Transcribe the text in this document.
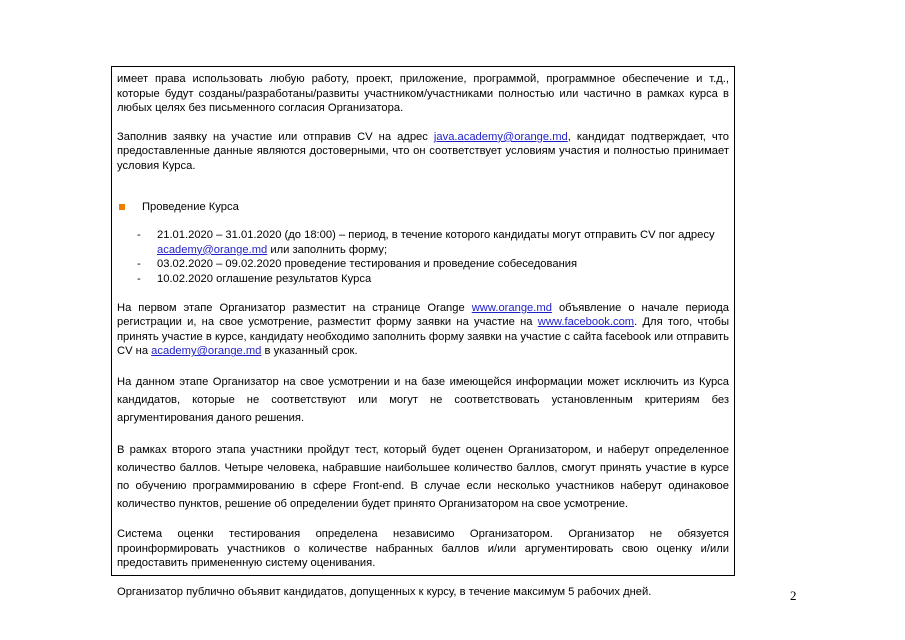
имеет права использовать любую работу, проект, приложение, программой, программное обеспечение и т.д., которые будут созданы/разработаны/развиты участником/участниками полностью или частично в рамках курса в любых целях без письменного согласия Организатора.

Заполнив заявку на участие или отправив CV на адрес java.academy@orange.md, кандидат подтверждает, что предоставленные данные являются достоверными, что он соответствует условиям участия и полностью принимает условия Курса.

Проведение Курса
- 21.01.2020 – 31.01.2020 (до 18:00) – период, в течение которого кандидаты могут отправить CV пог адресу academy@orange.md или заполнить форму;
- 03.02.2020 – 09.02.2020 проведение тестирования и проведение собеседования
- 10.02.2020 оглашение результатов Курса

На первом этапе Организатор разместит на странице Orange www.orange.md объявление о начале периода регистрации и, на свое усмотрение, разместит форму заявки на участие на www.facebook.com. Для того, чтобы принять участие в курсе, кандидату необходимо заполнить форму заявки на участие с сайта facebook или отправить CV на academy@orange.md в указанный срок.

На данном этапе Организатор на свое усмотрении и на базе имеющейся информации может исключить из Курса кандидатов, которые не соответствуют или могут не соответствовать установленным критериям без аргументирования даного решения.

В рамках второго этапа участники пройдут тест, который будет оценен Организатором, и наберут определенное количество баллов. Четыре человека, набравшие наибольшее количество баллов, смогут принять участие в курсе по обучению программированию в сфере Front-end. В случае если несколько участников наберут одинаковое количество пунктов, решение об определении будет принято Организатором на свое усмотрение.

Система оценки тестирования определена независимо Организатором. Организатор не обязуется проинформировать участников о количестве набранных баллов и/или аргументировать свою оценку и/или предоставить примененную систему оценивания.

Организатор публично объявит кандидатов, допущенных к курсу, в течение максимум 5 рабочих дней.	2
